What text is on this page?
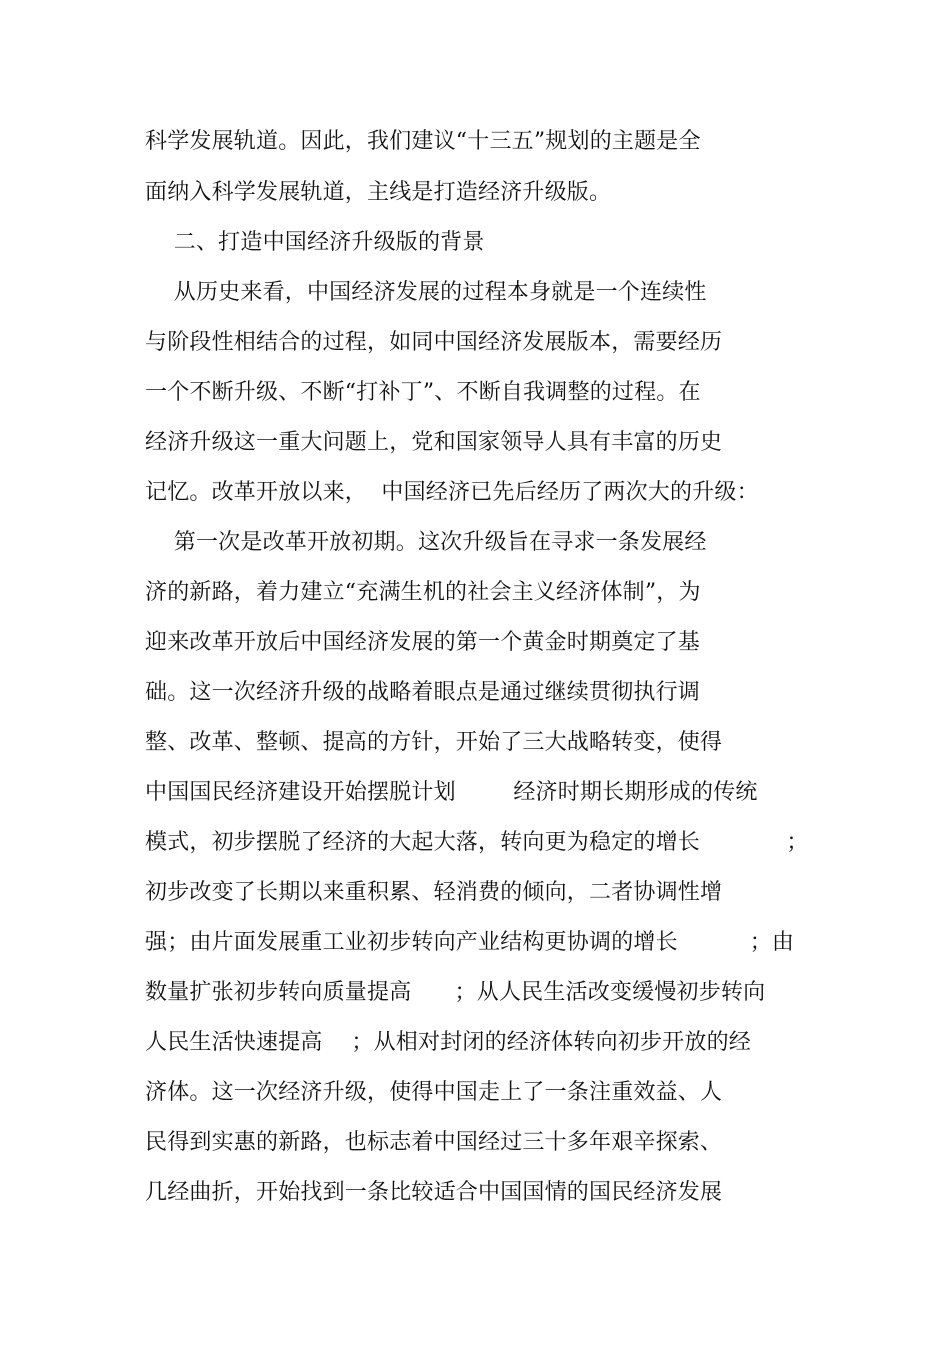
科学发展轨道。因此，我们建议“十三五”规划的主题是全
面纳入科学发展轨道，主线是打造经济升级版。
二、打造中国经济升级版的背景
从历史来看，中国经济发展的过程本身就是一个连续性
与阶段性相结合的过程，如同中国经济发展版本，需要经历
一个不断升级、不断“打补丁”、不断自我调整的过程。在
经济升级这一重大问题上，党和国家领导人具有丰富的历史
记忆。改革开放以来，  中国经济已先后经历了两次大的升级：
第一次是改革开放初期。这次升级旨在寻求一条发展经
济的新路，着力建立“充满生机的社会主义经济体制”，为
迎来改革开放后中国经济发展的第一个黄金时期奠定了基
础。这一次经济升级的战略着眼点是通过继续贯彻执行调
整、改革、整顿、提高的方针，开始了三大战略转变，使得
中国国民经济建设开始摆脱计划        经济时期长期形成的传统
模式，初步摆脱了经济的大起大落，转向更为稳定的增长            ；
初步改变了长期以来重积累、轻消费的倾向，二者协调性增
强；由片面发展重工业初步转向产业结构更协调的增长          ；由
数量扩张初步转向质量提高      ；从人民生活改变缓慢初步转向
人民生活快速提高    ；从相对封闭的经济体转向初步开放的经
济体。这一次经济升级，使得中国走上了一条注重效益、人
民得到实惠的新路，也标志着中国经过三十多年艰辛探索、
几经曲折，开始找到一条比较适合中国国情的国民经济发展
